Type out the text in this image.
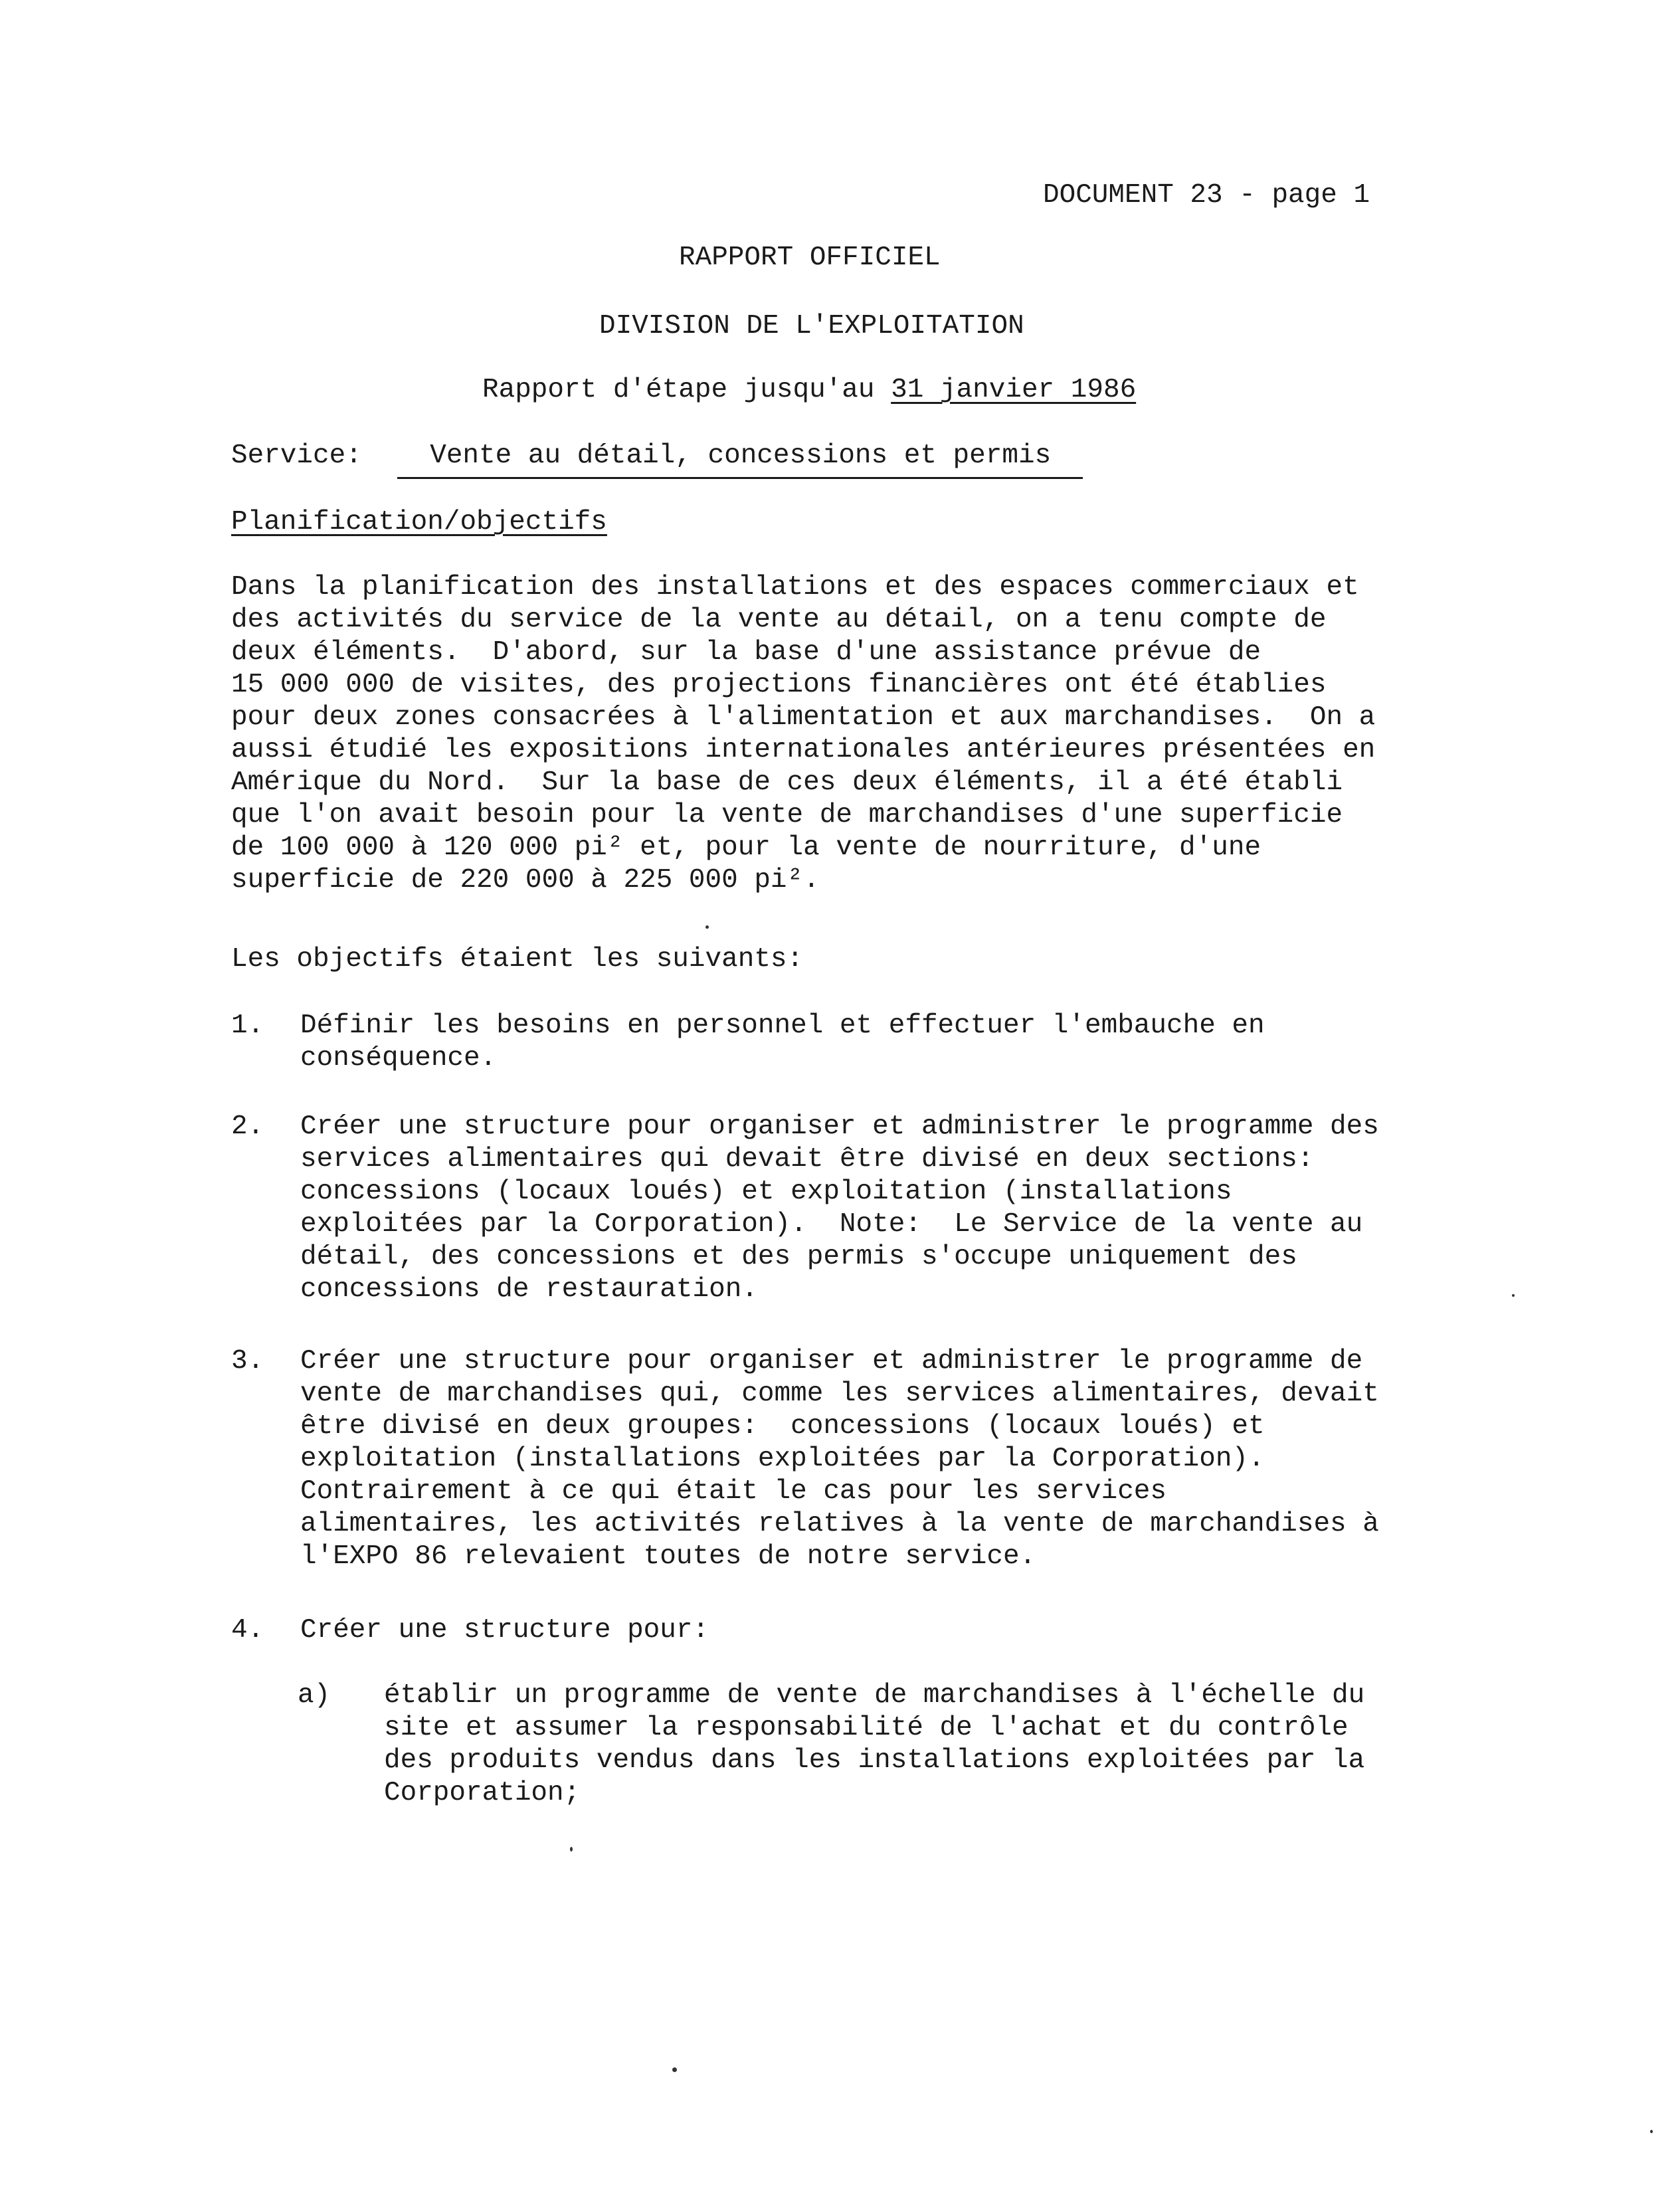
DOCUMENT 23 - page 1
RAPPORT OFFICIEL
DIVISION DE L'EXPLOITATION
Rapport d'étape jusqu'au 31 janvier 1986
Service:	Vente au détail, concessions et permis
Planification/objectifs
Dans la planification des installations et des espaces commerciaux et
des activités du service de la vente au détail, on a tenu compte de
deux éléments.  D'abord, sur la base d'une assistance prévue de
15 000 000 de visites, des projections financières ont été établies
pour deux zones consacrées à l'alimentation et aux marchandises.  On a
aussi étudié les expositions internationales antérieures présentées en
Amérique du Nord.  Sur la base de ces deux éléments, il a été établi
que l'on avait besoin pour la vente de marchandises d'une superficie
de 100 000 à 120 000 pi² et, pour la vente de nourriture, d'une
superficie de 220 000 à 225 000 pi².
Les objectifs étaient les suivants:
1. Définir les besoins en personnel et effectuer l'embauche en
conséquence.
2. Créer une structure pour organiser et administrer le programme des
services alimentaires qui devait être divisé en deux sections:
concessions (locaux loués) et exploitation (installations
exploitées par la Corporation).  Note:  Le Service de la vente au
détail, des concessions et des permis s'occupe uniquement des
concessions de restauration.
3. Créer une structure pour organiser et administrer le programme de
vente de marchandises qui, comme les services alimentaires, devait
être divisé en deux groupes:  concessions (locaux loués) et
exploitation (installations exploitées par la Corporation).
Contrairement à ce qui était le cas pour les services
alimentaires, les activités relatives à la vente de marchandises à
l'EXPO 86 relevaient toutes de notre service.
4. Créer une structure pour:
a) établir un programme de vente de marchandises à l'échelle du
site et assumer la responsabilité de l'achat et du contrôle
des produits vendus dans les installations exploitées par la
Corporation;
